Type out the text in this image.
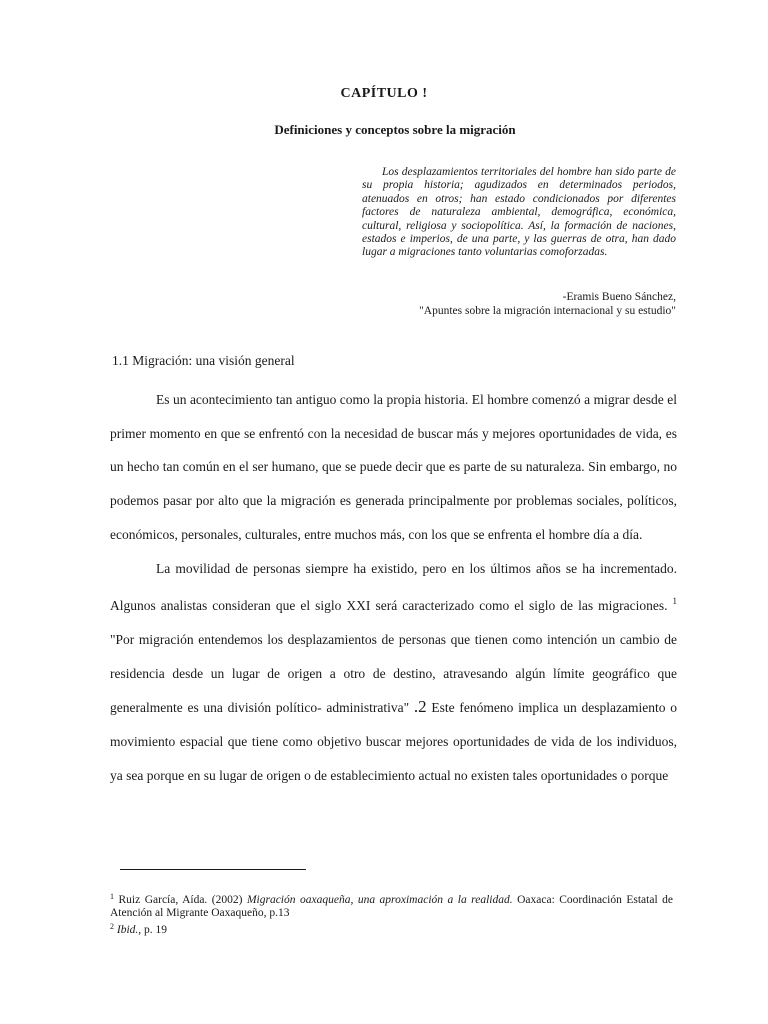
CAPÍTULO !
Definiciones y conceptos sobre la migración
Los desplazamientos territoriales del hombre han sido parte de su propia historia; agudizados en determinados periodos, atenuados en otros; han estado condicionados por diferentes factores de naturaleza ambiental, demográfica, económica, cultural, religiosa y sociopolítica. Así, la formación de naciones, estados e imperios, de una parte, y las guerras de otra, han dado lugar a migraciones tanto voluntarias comoforzadas.
-Eramis Bueno Sánchez,
"Apuntes sobre la migración internacional y su estudio"
1.1 Migración: una visión general

Es un acontecimiento tan antiguo como la propia historia. El hombre comenzó a migrar desde el primer momento en que se enfrentó con la necesidad de buscar más y mejores oportunidades de vida, es un hecho tan común en el ser humano, que se puede decir que es parte de su naturaleza. Sin embargo, no podemos pasar por alto que la migración es generada principalmente por problemas sociales, políticos, económicos, personales, culturales, entre muchos más, con los que se enfrenta el hombre día a día.

La movilidad de personas siempre ha existido, pero en los últimos años se ha incrementado. Algunos analistas consideran que el siglo XXI será caracterizado como el siglo de las migraciones. $^1$ "Por migración entendemos los desplazamientos de personas que tienen como intención un cambio de residencia desde un lugar de origen a otro de destino, atravesando algún límite geográfico que generalmente es una división político- administrativa" .2 Este fenómeno implica un desplazamiento o movimiento espacial que tiene como objetivo buscar mejores oportunidades de vida de los individuos, ya sea porque en su lugar de origen o de establecimiento actual no existen tales oportunidades o porque

$^1$ Ruiz García, Aída. (2002) Migración oaxaqueña, una aproximación a la realidad. Oaxaca: Coordinación Estatal de Atención al Migrante Oaxaqueño, p.13

$^2$ Ibid., p. 19
